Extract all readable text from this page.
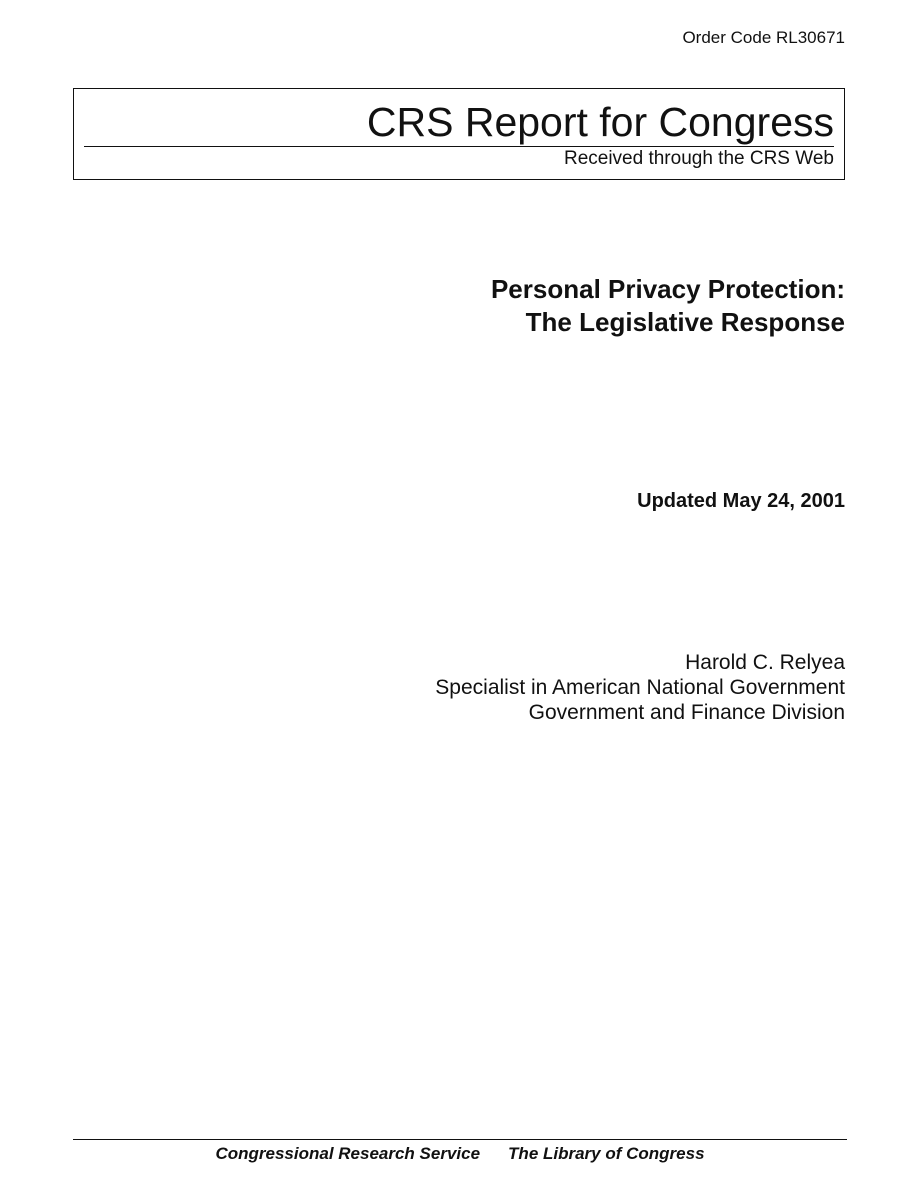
Order Code RL30671
CRS Report for Congress
Received through the CRS Web
Personal Privacy Protection:
The Legislative Response
Updated May 24, 2001
Harold C. Relyea
Specialist in American National Government
Government and Finance Division
Congressional Research Service The Library of Congress
